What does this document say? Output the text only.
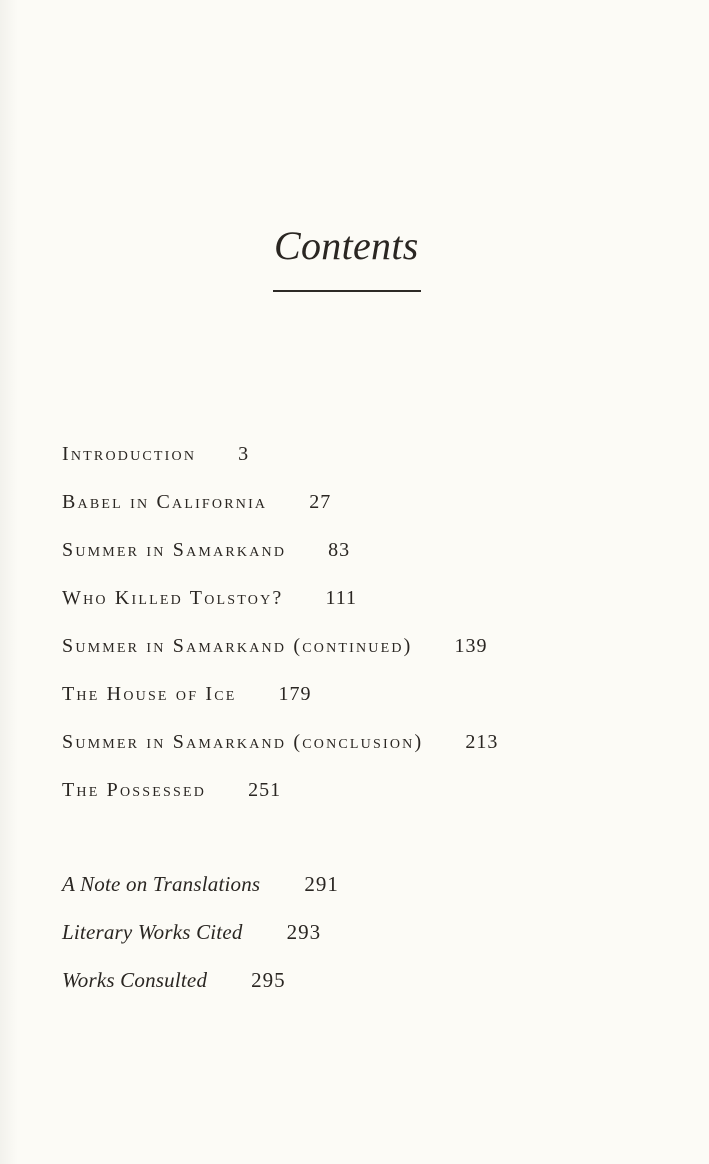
Contents
Introduction 3
Babel in California 27
Summer in Samarkand 83
Who Killed Tolstoy? 111
Summer in Samarkand (continued) 139
The House of Ice 179
Summer in Samarkand (conclusion) 213
The Possessed 251
A Note on Translations 291
Literary Works Cited 293
Works Consulted 295
